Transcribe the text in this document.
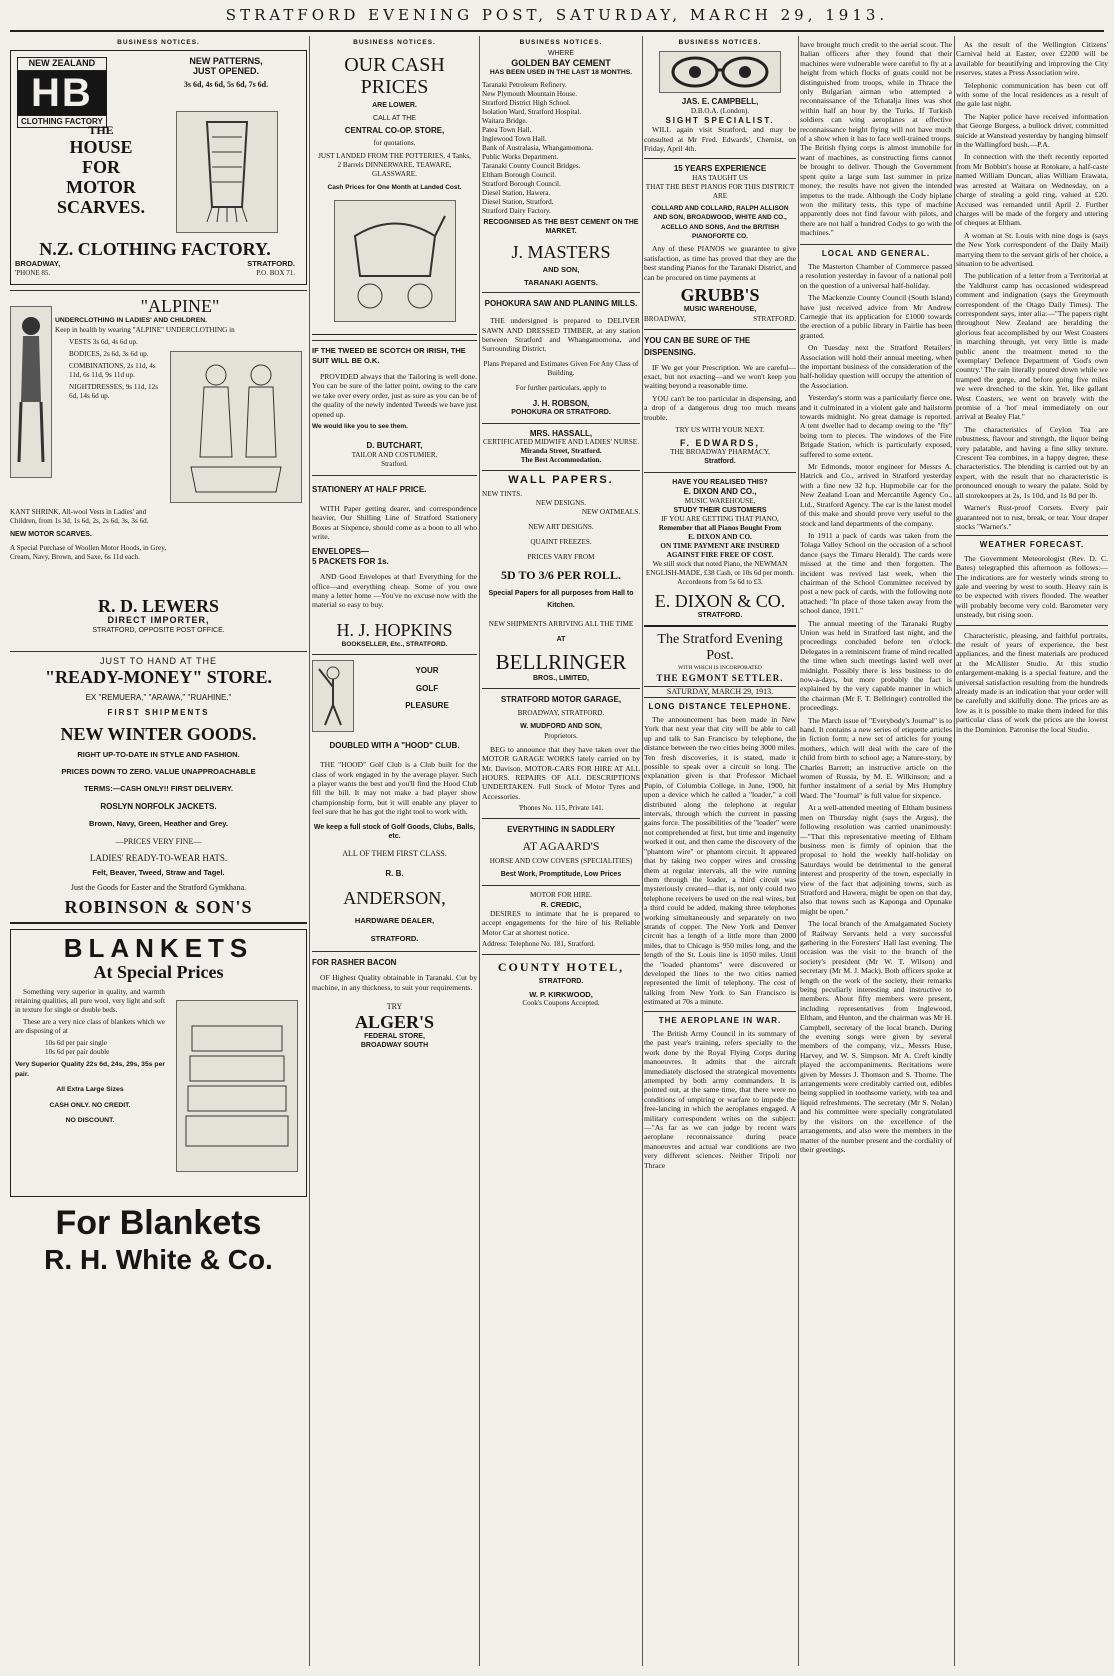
STRATFORD EVENING POST, SATURDAY, MARCH 29, 1913.
BUSINESS NOTICES.
NEW ZEALAND
HB
CLOTHING FACTORY
NEW PATTERNS,
JUST OPENED.
3s 6d, 4s 6d, 5s 6d, 7s 6d.
THE
HOUSE
FOR
MOTOR
SCARVES.
N.Z. CLOTHING FACTORY.
BROADWAY,	STRATFORD.
'PHONE 85.	P.O. BOX 71.
"ALPINE"
UNDERCLOTHING IN LADIES' AND CHILDREN.
Keep in health by wearing "ALPINE" UNDERCLOTHING in
VESTS 3s 6d, 4s 6d up.
BODICES, 2s 6d, 3s 6d up.
COMBINATIONS, 2s 11d, 4s 11d, 6s 11d, 9s 11d up.
NIGHTDRESSES, 9s 11d, 12s 6d, 14s 6d up.
KANT SHRINK, All-wool Vests in Ladies' and Children, from 1s 3d, 1s 6d, 2s, 2s 6d, 3s, 3s 6d.
NEW MOTOR SCARVES.
A Special Purchase of Woollen Motor Hoods, in Grey, Cream, Navy, Brown, and Saxe, 6s 11d each.
R. D. LEWERS
DIRECT IMPORTER,
STRATFORD, OPPOSITE POST OFFICE.
JUST TO HAND AT THE
"READY-MONEY" STORE.
EX "REMUERA," "ARAWA," "RUAHINE."
FIRST SHIPMENTS
NEW WINTER GOODS.
RIGHT UP-TO-DATE IN STYLE AND FASHION.
PRICES DOWN TO ZERO. VALUE UNAPPROACHABLE
TERMS:—CASH ONLY!! FIRST DELIVERY.
ROSLYN NORFOLK JACKETS.
Brown, Navy, Green, Heather and Grey.
—PRICES VERY FINE—
LADIES' READY-TO-WEAR HATS.
Felt, Beaver, Tweed, Straw and Tagel.
Just the Goods for Easter and the Stratford Gymkhana.
ROBINSON & SON'S
BLANKETS
At Special Prices

Something very superior in quality, and warmth retaining qualities, all pure wool, very light and soft in texture for single or double beds.

These are a very nice class of blankets which we are disposing of at

10s 6d per pair single
10s 6d per pair double
Very Superior Quality 22s 6d, 24s, 29s, 35s per pair.
All Extra Large Sizes
CASH ONLY. NO CREDIT.
NO DISCOUNT.
For Blankets
R. H. White & Co.
BUSINESS NOTICES.
OUR CASH PRICES
ARE LOWER.
CALL AT THE
CENTRAL CO-OP. STORE,
for quotations.
JUST LANDED FROM THE POTTERIES, 4 Tanks, 2 Barrels DINNERWARE, TEAWARE, GLASSWARE.
Cash Prices for One Month at Landed Cost.
IF THE TWEED BE SCOTCH OR IRISH, THE SUIT WILL BE O.K.

PROVIDED always that the Tailoring is well done. You can be sure of the latter point, owing to the care we take over every order, just as sure as you can be of the quality of the newly indented Tweeds we have just opened up.

We would like you to see them.
D. BUTCHART,
TAILOR AND COSTUMIER,
Stratford.
STATIONERY AT HALF PRICE.

WITH Paper getting dearer, and correspondence heavier, Our Shilling Line of Stratford Stationery Boxes at Sixpence, should come as a boon to all who write.

ENVELOPES—
5 PACKETS FOR 1s.

AND Good Envelopes at that! Everything for the office—and everything cheap. Some of you owe many a letter home —You've no excuse now with the material so easy to buy.

H. J. HOPKINS
BOOKSELLER, Etc., STRATFORD.
YOUR
GOLF
PLEASURE
DOUBLED WITH A "HOOD" CLUB.

THE "HOOD" Golf Club is a Club built for the class of work engaged in by the average player. Such a player wants the best and you'll find the Hood Club fill the bill. It may not make a bad player show championship form, but it will enable any player to feel sure that he has got the right tool to work with.

We keep a full stock of Golf Goods, Clubs, Balls, etc.
ALL OF THEM FIRST CLASS.
R. B.
ANDERSON,
HARDWARE DEALER,
STRATFORD.
FOR RASHER BACON

OF Highest Quality obtainable in Taranaki. Cut by machine, in any thickness, to suit your requirements.

TRY
ALGER'S
FEDERAL STORE,
BROADWAY SOUTH
BUSINESS NOTICES.
WHERE
GOLDEN BAY CEMENT
HAS BEEN USED IN THE LAST 18 MONTHS.
Taranaki Petroleum Refinery.
New Plymouth Mountain House.
Stratford District High School.
Isolation Ward, Stratford Hospital.
Waitara Bridge.
Patea Town Hall.
Inglewood Town Hall.
Bank of Australasia, Whangamomona.
Public Works Department.
Taranaki County Council Bridges.
Eltham Borough Council.
Stratford Borough Council.
Diesel Station, Hawera.
Diesel Station, Stratford.
Stratford Dairy Factory.
RECOGNISED AS THE BEST CEMENT ON THE MARKET.
J. MASTERS
AND SON,
TARANAKI AGENTS.
POHOKURA SAW AND PLANING MILLS.

THE undersigned is prepared to DELIVER SAWN AND DRESSED TIMBER, at any station between Stratford and Whangamomona, and Surrounding District.

Plans Prepared and Estimates Given For Any Class of Building.
For further particulars, apply to
J. H. ROBSON,
POHOKURA OR STRATFORD.
MRS. HASSALL,
CERTIFICATED MIDWIFE AND LADIES' NURSE.
Miranda Street, Stratford.
The Best Accommodation.
WALL PAPERS.
NEW TINTS.
NEW DESIGNS.
NEW OATMEALS.
NEW ART DESIGNS.
QUAINT FREEZES.
PRICES VARY FROM
5D TO 3/6 PER ROLL.
Special Papers for all purposes from Hall to Kitchen.
NEW SHIPMENTS ARRIVING ALL THE TIME
AT
BELLRINGER
BROS., LIMITED,
STRATFORD MOTOR GARAGE,
BROADWAY, STRATFORD.
W. MUDFORD AND SON,
Proprietors.

BEG to announce that they have taken over the MOTOR GARAGE WORKS lately carried on by Mr. Davison. MOTOR-CARS FOR HIRE AT ALL HOURS. REPAIRS OF ALL DESCRIPTIONS UNDERTAKEN. Full Stock of Motor Tyres and Accessories.

'Phones No. 115, Private 141.
EVERYTHING IN SADDLERY
AT AGAARD'S
HORSE AND COW COVERS (SPECIALITIES)
Best Work, Promptitude, Low Prices
MOTOR FOR HIRE.
R. CREDIC,

DESIRES to intimate that he is prepared to accept engagements for the hire of his Reliable Motor Car at shortest notice.

Address: Telephone No. 181, Stratford.
COUNTY HOTEL,
STRATFORD.
W. P. KIRKWOOD,
Cook's Coupons Accepted.
BUSINESS NOTICES.
JAS. E. CAMPBELL,
D.B.O.A. (London).
SIGHT SPECIALIST.

WILL again visit Stratford, and may be consulted at Mr Fred. Edwards', Chemist, on Friday, April 4th.

15 YEARS EXPERIENCE
HAS TAUGHT US
THAT THE BEST PIANOS FOR THIS DISTRICT ARE
COLLARD AND COLLARD, RALPH ALLISON AND SON, BROADWOOD, WHITE AND CO., ACELLO AND SONS, And the BRITISH PIANOFORTE CO.

Any of these PIANOS we guarantee to give satisfaction, as time has proved that they are the best standing Pianos for the Taranaki District, and can be procured on time payments at

GRUBB'S
MUSIC WAREHOUSE,
BROADWAY,	STRATFORD.
YOU CAN BE SURE OF THE DISPENSING.

IF We get your Prescription. We are careful—exact, but not exacting—and we won't keep you waiting beyond a reasonable time.

YOU can't be too particular in dispensing, and a drop of a dangerous drug too much means trouble.

TRY US WITH YOUR NEXT.
F. EDWARDS,
THE BROADWAY PHARMACY,
Stratford.
HAVE YOU REALISED THIS?
E. DIXON AND CO.,
MUSIC WAREHOUSE,
STUDY THEIR CUSTOMERS
IF YOU ARE GETTING THAT PIANO,
Remember that all Pianos Bought From
E. DIXON AND CO.
ON TIME PAYMENT ARE INSURED AGAINST FIRE FREE OF COST.
We still stock that noted Piano, the NEWMAN ENGLISH-MADE, £38 Cash, or 10s 6d per month. Accordeons from 5s 6d to £3.
E. DIXON & CO.
STRATFORD.
The Stratford Evening Post.
WITH WHICH IS INCORPORATED
THE EGMONT SETTLER.
SATURDAY, MARCH 29, 1913.
LONG DISTANCE TELEPHONE.

The announcement has been made in New York that next year that city will be able to call up and talk to San Francisco by telephone, the distance between the two cities being 3000 miles. Ten fresh discoveries, it is stated, made it possible to speak over a circuit so long. The explanation given is that Professor Michael Pupin, of Columbia College, in June, 1900, hit upon a device which he called a "loader," a coil distributed along the telephone at regular intervals, through which the current in passing gains force. The possibilities of the "loader" were not comprehended at first, but time and ingenuity worked it out, and then came the discovery of the "phantom wire" or phantom circuit. It appeared that by taking two copper wires and crossing them at regular intervals, all the wire running them through the loader, a third circuit was mysteriously created—that is, not only could two telephone receivers be used on the real wires, but a third could be added, making three telephones working simultaneously and separately on two strands of copper. The New York and Denver circuit has a length of a little more than 2000 miles, that to Chicago is 950 miles long, and the length of the St. Louis line is 1050 miles. Until the "loaded phantoms" were discovered or developed the lines to the two cities named represented the limit of telephony. The cost of talking from New York to San Francisco is estimated at 70s a minute.

THE AEROPLANE IN WAR.

The British Army Council in its summary of the past year's training, refers specially to the work done by the Royal Flying Corps during manoeuvres. It admits that the aircraft immediately disclosed the strategical movements attempted by both army commanders. It is pointed out, at the same time, that there were no conditions of umpiring or warfare to impede the free-lancing in which the aeroplanes engaged. A military correspondent writes on the subject:—"As far as we can judge by recent wars aeroplane reconnaissance during peace manoeuvres and actual war conditions are two very different sciences. Neither Tripoli nor Thrace

have brought much credit to the aerial scout. The Italian officers after they found that their machines were vulnerable were careful to fly at a height from which flocks of goats could not be distinguished from troops, while in Thrace the only Bulgarian airman who attempted a reconnaissance of the Tchatalja lines was shot within half an hour by the Turks. If Turkish soldiers can wing aeroplanes at effective reconnaissance height flying will not have much of a show when it has to face well-trained troops. The British flying corps is almost immobile for want of machines, as constructing firms cannot be brought to deliver. Though the Government spent quite a large sum last summer in prize money, the results have not given the intended impetus to the trade. Although the Cody biplane won the military tests, this type of machine apparently does not find favour with pilots, and there are not half a hundred Codys to go with the machines."

LOCAL AND GENERAL.

The Masterton Chamber of Commerce passed a resolution yesterday in favour of a national poll on the question of a universal half-holiday.

The Mackenzie County Council (South Island) have just received advice from Mr Andrew Carnegie that its application for £1000 towards the erection of a public library in Fairlie has been granted.

On Tuesday next the Stratford Retailers' Association will hold their annual meeting, when the important business of the consideration of the half-holiday question will occupy the attention of the Association.

Yesterday's storm was a particularly fierce one, and it culminated in a violent gale and hailstorm towards midnight. No great damage is reported. A tent dweller had to decamp owing to the "fly" being torn to pieces. The windows of the Fire Brigade Station, which is particularly exposed, suffered to some extent.

Mr Edmonds, motor engineer for Messrs A. Hatrick and Co., arrived in Stratford yesterday with a fine new 32 h.p. Hupmobile car for the New Zealand Loan and Mercantile Agency Co., Ltd., Stratford Agency. The car is the latest model of this make and should prove very useful to the stock and land departments of the company.

In 1911 a pack of cards was taken from the Tolaga Valley School on the occasion of a school dance (says the Timaru Herald). The cards were missed at the time and then forgotten. The incident was revived last week, when the chairman of the School Committee received by post a new pack of cards, with the following note attached: "In place of those taken away from the school dance, 1911."

The annual meeting of the Taranaki Rugby Union was held in Stratford last night, and the proceedings concluded before ten o'clock. Delegates in a reminiscent frame of mind recalled the time when such meetings lasted well over midnight. Possibly there is less business to do now-a-days, but more probably the fact is explained by the very capable manner in which the chairman (Mr F. T. Bellringer) controlled the proceedings.

The March issue of "Everybody's Journal" is to hand. It contains a new series of etiquette articles in fiction form; a new set of articles for young mothers, which will deal with the care of the child from birth to school age; a Nature-story, by Charles Barrett; an instructive article on the women of Russia, by M. E. Wilkinson; and a further instalment of a serial by Mrs Humphry Ward. The "Journal" is full value for sixpence.

At a well-attended meeting of Eltham business men on Thursday night (says the Argus), the following resolution was carried unanimously:—"That this representative meeting of Eltham business men is firmly of opinion that the proposal to hold the weekly half-holiday on Saturdays would be detrimental to the general interest and prosperity of the town, especially in view of the fact that adjoining towns, such as Stratford and Hawera, might be open on that day, also that towns such as Kaponga and Opunake might be open."

The local branch of the Amalgamated Society of Railway Servants held a very successful gathering in the Foresters' Hall last evening. The occasion was the visit to the branch of the society's president (Mr W. T. Wilson) and secretary (Mr M. J. Mack). Both officers spoke at length on the work of the society, their remarks being peculiarly interesting and instructive to members. About fifty members were present, including representatives from Inglewood, Eltham, and Hunton, and the chairman was Mr H. Campbell, secretary of the local branch. During the evening songs were given by several members of the company, viz., Messrs Huse, Harvey, and W. S. Simpson. Mr A. Creft kindly played the accompaniments. Recitations were given by Messrs J. Thomson and S. Thorne. The arrangements were creditably carried out, edibles being supplied in toothsome variety, with tea and liquid refreshments. The secretary (Mr S. Nolan) and his committee were specially congratulated by the visitors on the excellence of the arrangements, and also were the members in the matter of the number present and the cordiality of their greetings.

As the result of the Wellington Citizens' Carnival held at Easter, over £2200 will be available for beautifying and improving the City reserves, states a Press Association wire.

Telephonic communication has been cut off with some of the local residences as a result of the gale last night.

The Napier police have received information that George Burgess, a bullock driver, committed suicide at Wanstead yesterday by hanging himself in the Wallingford bush.—P.A.

In connection with the theft recently reported from Mr Bobbitt's house at Rotokare, a half-caste named William Duncan, alias William Erawata, was arrested at Waitara on Wednesday, on a charge of stealing a gold ring, valued at £20. Accused was remanded until April 2. Further charges will be made of the forgery and uttering of cheques at Eltham.

A woman at St. Louis with nine dogs is (says the New York correspondent of the Daily Mail) marrying them to the servant girls of her choice, a situation to be advertised.

The publication of a letter from a Territorial at the Yaldhurst camp has occasioned widespread comment and indignation (says the Greymouth correspondent of the Otago Daily Times). The correspondent says, inter alia:—"The papers right throughout New Zealand are heralding the glorious feat accomplished by our West Coasters in marching through, yet very little is made public anent the treatment meted to the 'exemplary' Defence Department of 'God's own country.' The rain literally poured down while we tramped the gorge, and before going five miles we were drenched to the skin. Yet, like gallant West Coasters, we went on bravely with the promise of a 'hot' meal immediately on our arrival at Bealey Flat."

The characteristics of Ceylon Tea are robustness, flavour and strength, the liquor being very palatable, and having a fine silky texture. Crescent Tea combines, in a happy degree, these characteristics. The blending is carried out by an expert, with the result that no characteristic is pronounced enough to weary the palate. Sold by all storekeepers at 2s, 1s 10d, and 1s 8d per lb.

Warner's Rust-proof Corsets. Every pair guaranteed not to rust, break, or tear. Your draper stocks "Warner's."

WEATHER FORECAST.

The Government Meteorologist (Rev. D. C. Bates) telegraphed this afternoon as follows:—The indications are for westerly winds strong to gale and veering by west to south. Heavy rain is to be expected with rivers flooded. The weather will probably become very cold. Barometer very unsteady, but rising soon.

Characteristic, pleasing, and faithful portraits, the result of years of experience, the best appliances, and the finest materials are produced at the McAllister Studio. At this studio enlargement-making is a special feature, and the universal satisfaction resulting from the hundreds already made is an indication that your order will be carefully and skilfully done. The prices are as low as it is possible to make them indeed for this particular class of work the prices are the lowest in the Dominion. Patronise the local Studio.
